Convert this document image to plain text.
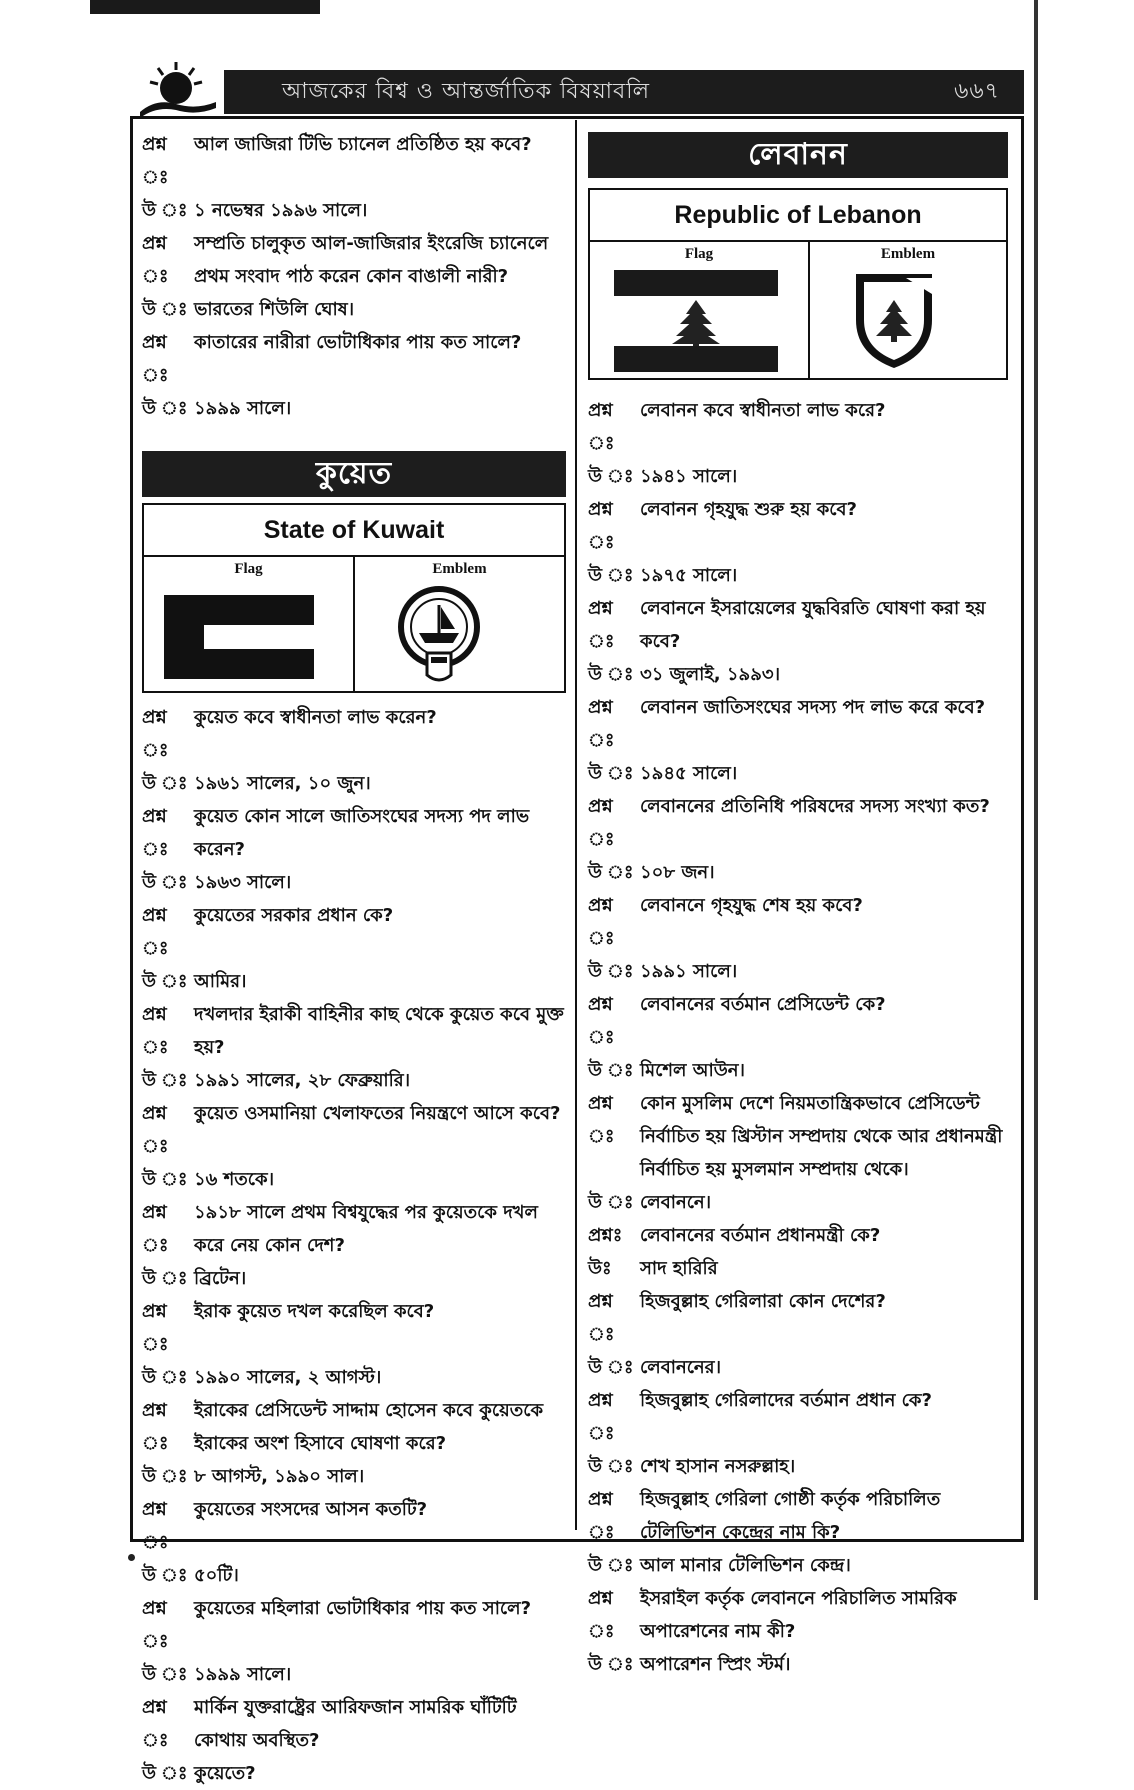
আজকের বিশ্ব ও আন্তর্জাতিক বিষয়াবলি	৬৬৭
প্রশ্ন ঃ
আল জাজিরা টিভি চ্যানেল প্রতিষ্ঠিত হয় কবে?
উ ঃ ১ নভেম্বর ১৯৯৬ সালে।
প্রশ্ন ঃ
সম্প্রতি চালুকৃত আল-জাজিরার ইংরেজি চ্যানেলে প্রথম সংবাদ পাঠ করেন কোন বাঙালী নারী?
উ ঃ ভারতের শিউলি ঘোষ।
প্রশ্ন ঃ
কাতারের নারীরা ভোটাধিকার পায় কত সালে?
উ ঃ ১৯৯৯ সালে।
কুয়েত
State of Kuwait
Flag	Emblem
প্রশ্ন ঃ
কুয়েত কবে স্বাধীনতা লাভ করেন?
উ ঃ ১৯৬১ সালের, ১০ জুন।
প্রশ্ন ঃ
কুয়েত কোন সালে জাতিসংঘের সদস্য পদ লাভ করেন?
উ ঃ ১৯৬৩ সালে।
প্রশ্ন ঃ
কুয়েতের সরকার প্রধান কে?
উ ঃ আমির।
প্রশ্ন ঃ
দখলদার ইরাকী বাহিনীর কাছ থেকে কুয়েত কবে মুক্ত হয়?
উ ঃ ১৯৯১ সালের, ২৮ ফেব্রুয়ারি।
প্রশ্ন ঃ
কুয়েত ওসমানিয়া খেলাফতের নিয়ন্ত্রণে আসে কবে?
উ ঃ ১৬ শতকে।
প্রশ্ন ঃ
১৯১৮ সালে প্রথম বিশ্বযুদ্ধের পর কুয়েতকে দখল করে নেয় কোন দেশ?
উ ঃ ব্রিটেন।
প্রশ্ন ঃ
ইরাক কুয়েত দখল করেছিল কবে?
উ ঃ ১৯৯০ সালের, ২ আগস্ট।
প্রশ্ন ঃ
ইরাকের প্রেসিডেন্ট সাদ্দাম হোসেন কবে কুয়েতকে ইরাকের অংশ হিসাবে ঘোষণা করে?
উ ঃ ৮ আগস্ট, ১৯৯০ সাল।
প্রশ্ন ঃ
কুয়েতের সংসদের আসন কতটি?
উ ঃ ৫০টি।
প্রশ্ন ঃ
কুয়েতের মহিলারা ভোটাধিকার পায় কত সালে?
উ ঃ ১৯৯৯ সালে।
প্রশ্ন ঃ
মার্কিন যুক্তরাষ্ট্রের আরিফজান সামরিক ঘাঁটিটি কোথায় অবস্থিত?
উ ঃ কুয়েতে?
লেবানন
Republic of Lebanon
Flag	Emblem
প্রশ্ন ঃ
লেবানন কবে স্বাধীনতা লাভ করে?
উ ঃ ১৯৪১ সালে।
প্রশ্ন ঃ
লেবানন গৃহযুদ্ধ শুরু হয় কবে?
উ ঃ ১৯৭৫ সালে।
প্রশ্ন ঃ
লেবাননে ইসরায়েলের যুদ্ধবিরতি ঘোষণা করা হয় কবে?
উ ঃ ৩১ জুলাই, ১৯৯৩।
প্রশ্ন ঃ
লেবানন জাতিসংঘের সদস্য পদ লাভ করে কবে?
উ ঃ ১৯৪৫ সালে।
প্রশ্ন ঃ
লেবাননের প্রতিনিধি পরিষদের সদস্য সংখ্যা কত?
উ ঃ ১০৮ জন।
প্রশ্ন ঃ
লেবাননে গৃহযুদ্ধ শেষ হয় কবে?
উ ঃ ১৯৯১ সালে।
প্রশ্ন ঃ
লেবাননের বর্তমান প্রেসিডেন্ট কে?
উ ঃ মিশেল আউন।
প্রশ্ন ঃ
কোন মুসলিম দেশে নিয়মতান্ত্রিকভাবে প্রেসিডেন্ট নির্বাচিত হয় খ্রিস্টান সম্প্রদায় থেকে আর প্রধানমন্ত্রী নির্বাচিত হয় মুসলমান সম্প্রদায় থেকে।
উ ঃ লেবাননে।
প্রশ্নঃ লেবাননের বর্তমান প্রধানমন্ত্রী কে?
উঃ	সাদ হারিরি
প্রশ্ন ঃ
হিজবুল্লাহ গেরিলারা কোন দেশের?
উ ঃ লেবাননের।
প্রশ্ন ঃ
হিজবুল্লাহ গেরিলাদের বর্তমান প্রধান কে?
উ ঃ শেখ হাসান নসরুল্লাহ।
প্রশ্ন ঃ
হিজবুল্লাহ গেরিলা গোষ্ঠী কর্তৃক পরিচালিত টেলিভিশন কেন্দ্রের নাম কি?
উ ঃ আল মানার টেলিভিশন কেন্দ্র।
প্রশ্ন ঃ
ইসরাইল কর্তৃক লেবাননে পরিচালিত সামরিক অপারেশনের নাম কী?
উ ঃ অপারেশন স্প্রিং স্টর্ম।
